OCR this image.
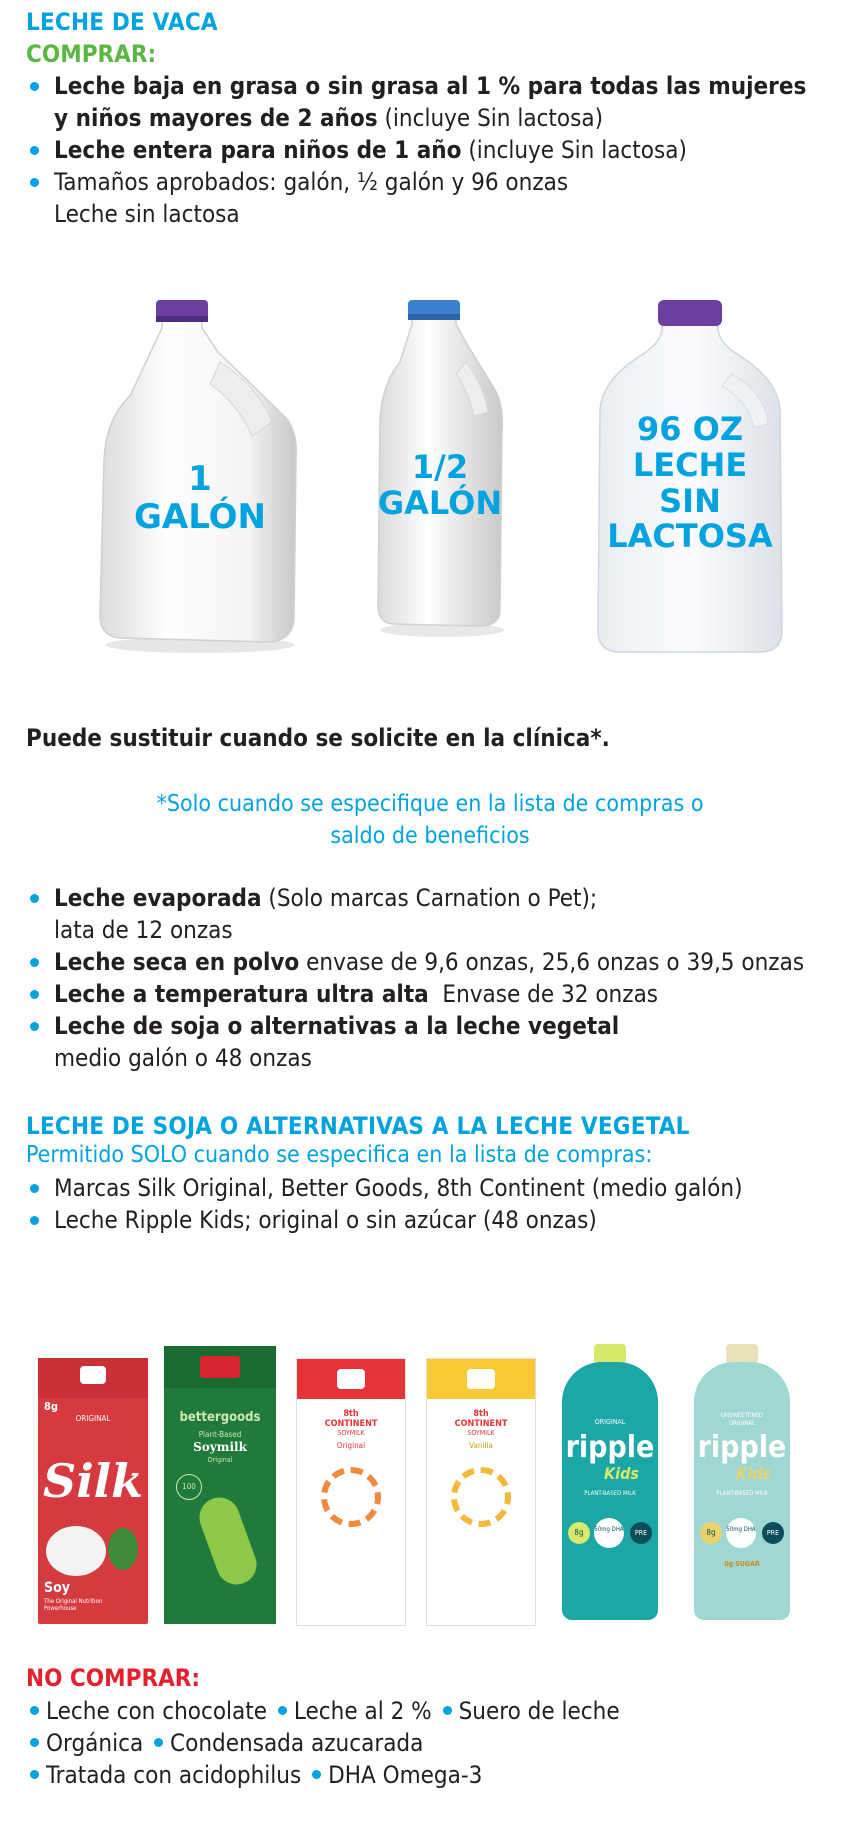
LECHE DE VACA
COMPRAR:
Leche baja en grasa o sin grasa al 1 % para todas las mujeres y niños mayores de 2 años (incluye Sin lactosa)
Leche entera para niños de 1 año (incluye Sin lactosa)
Tamaños aprobados: galón, ½ galón y 96 onzas
Leche sin lactosa
1
GALÓN
1/2
GALÓN
96 OZ
LECHE
SIN
LACTOSA
Puede sustituir cuando se solicite en la clínica*.
*Solo cuando se especifique en la lista de compras o
saldo de beneficios
Leche evaporada (Solo marcas Carnation o Pet);
lata de 12 onzas
Leche seca en polvo envase de 9,6 onzas, 25,6 onzas o 39,5 onzas
Leche a temperatura ultra alta  Envase de 32 onzas
Leche de soja o alternativas a la leche vegetal
medio galón o 48 onzas
LECHE DE SOJA O ALTERNATIVAS A LA LECHE VEGETAL
Permitido SOLO cuando se especifica en la lista de compras:
Marcas Silk Original, Better Goods, 8th Continent (medio galón)
Leche Ripple Kids; original o sin azúcar (48 onzas)
8g
ORIGINAL
Silk
Soy
The Original Nutrition Powerhouse
bettergoods
Plant-Based
Soymilk
Original
100
8th
CONTINENT
SOYMILK
Original
8th
CONTINENT
SOYMILK
Vanilla
ORIGINAL
ripple
Kids
PLANT-BASED MILK
8g	50mg DHA	PRE
UNSWEETENED
ORIGINAL
ripple
Kids
PLANT-BASED MILK
8g	50mg DHA	PRE
0g SUGAR
NO COMPRAR:
Leche con chocolate Leche al 2 % Suero de leche
Orgánica Condensada azucarada
Tratada con acidophilus DHA Omega-3
